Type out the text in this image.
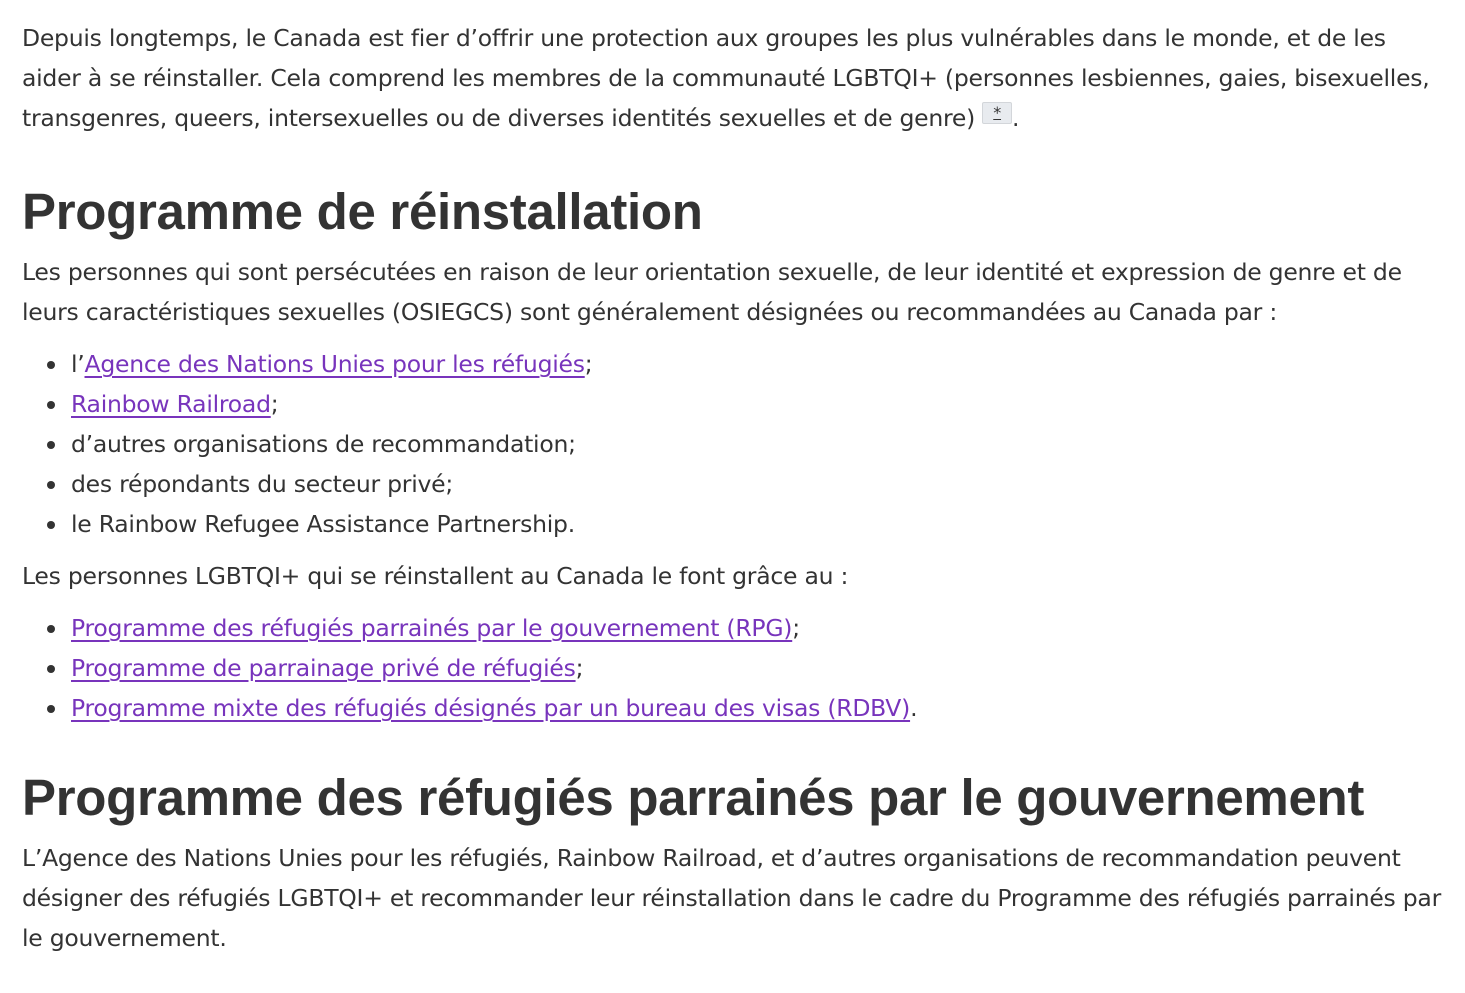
Depuis longtemps, le Canada est fier d’offrir une protection aux groupes les plus vulnérables dans le monde, et de les aider à se réinstaller. Cela comprend les membres de la communauté LGBTQI+ (personnes lesbiennes, gaies, bisexuelles, transgenres, queers, intersexuelles ou de diverses identités sexuelles et de genre) * .

Programme de réinstallation

Les personnes qui sont persécutées en raison de leur orientation sexuelle, de leur identité et expression de genre et de leurs caractéristiques sexuelles (OSIEGCS) sont généralement désignées ou recommandées au Canada par :

l’Agence des Nations Unies pour les réfugiés;
Rainbow Railroad;
d’autres organisations de recommandation;
des répondants du secteur privé;
le Rainbow Refugee Assistance Partnership.

Les personnes LGBTQI+ qui se réinstallent au Canada le font grâce au :

Programme des réfugiés parrainés par le gouvernement (RPG);
Programme de parrainage privé de réfugiés;
Programme mixte des réfugiés désignés par un bureau des visas (RDBV).
Programme des réfugiés parrainés par le gouvernement

L’Agence des Nations Unies pour les réfugiés, Rainbow Railroad, et d’autres organisations de recommandation peuvent désigner des réfugiés LGBTQI+ et recommander leur réinstallation dans le cadre du Programme des réfugiés parrainés par le gouvernement.
